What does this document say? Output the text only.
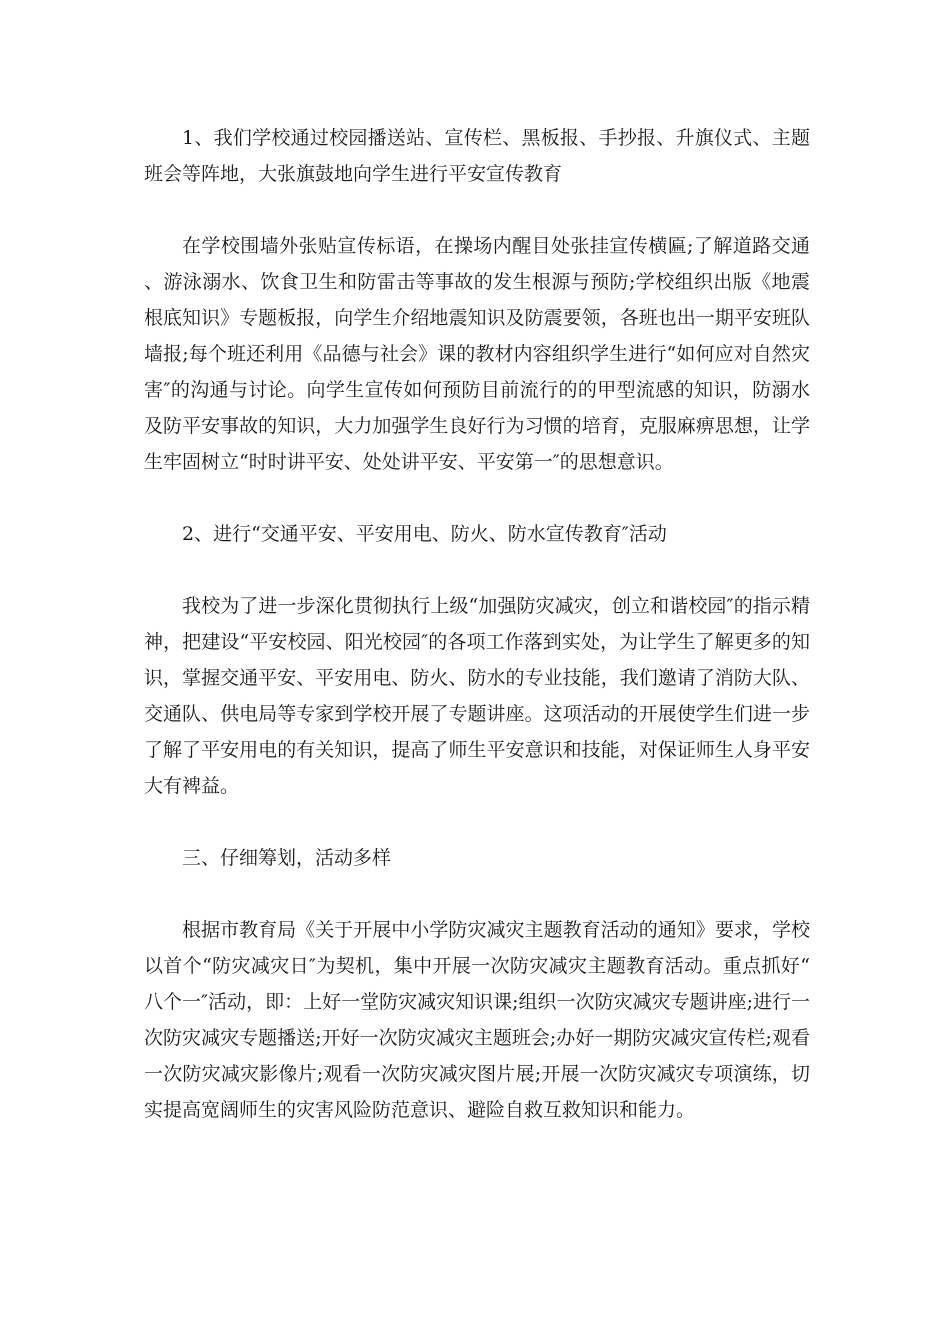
1、我们学校通过校园播送站、宣传栏、黑板报、手抄报、升旗仪式、主题班会等阵地，大张旗鼓地向学生进行平安宣传教育

在学校围墙外张贴宣传标语，在操场内醒目处张挂宣传横匾;了解道路交通、游泳溺水、饮食卫生和防雷击等事故的发生根源与预防;学校组织出版《地震根底知识》专题板报，向学生介绍地震知识及防震要领，各班也出一期平安班队墙报;每个班还利用《品德与社会》课的教材内容组织学生进行“如何应对自然灾害″的沟通与讨论。向学生宣传如何预防目前流行的的甲型流感的知识，防溺水及防平安事故的知识，大力加强学生良好行为习惯的培育，克服麻痹思想，让学生牢固树立“时时讲平安、处处讲平安、平安第一″的思想意识。

2、进行“交通平安、平安用电、防火、防水宣传教育″活动

我校为了进一步深化贯彻执行上级“加强防灾减灾，创立和谐校园″的指示精神，把建设“平安校园、阳光校园″的各项工作落到实处，为让学生了解更多的知识，掌握交通平安、平安用电、防火、防水的专业技能，我们邀请了消防大队、交通队、供电局等专家到学校开展了专题讲座。这项活动的开展使学生们进一步了解了平安用电的有关知识，提高了师生平安意识和技能，对保证师生人身平安大有裨益。

三、仔细筹划，活动多样

根据市教育局《关于开展中小学防灾减灾主题教育活动的通知》要求，学校以首个“防灾减灾日″为契机，集中开展一次防灾减灾主题教育活动。重点抓好“八个一″活动，即：上好一堂防灾减灾知识课;组织一次防灾减灾专题讲座;进行一次防灾减灾专题播送;开好一次防灾减灾主题班会;办好一期防灾减灾宣传栏;观看一次防灾减灾影像片;观看一次防灾减灾图片展;开展一次防灾减灾专项演练，切实提高宽阔师生的灾害风险防范意识、避险自救互救知识和能力。
